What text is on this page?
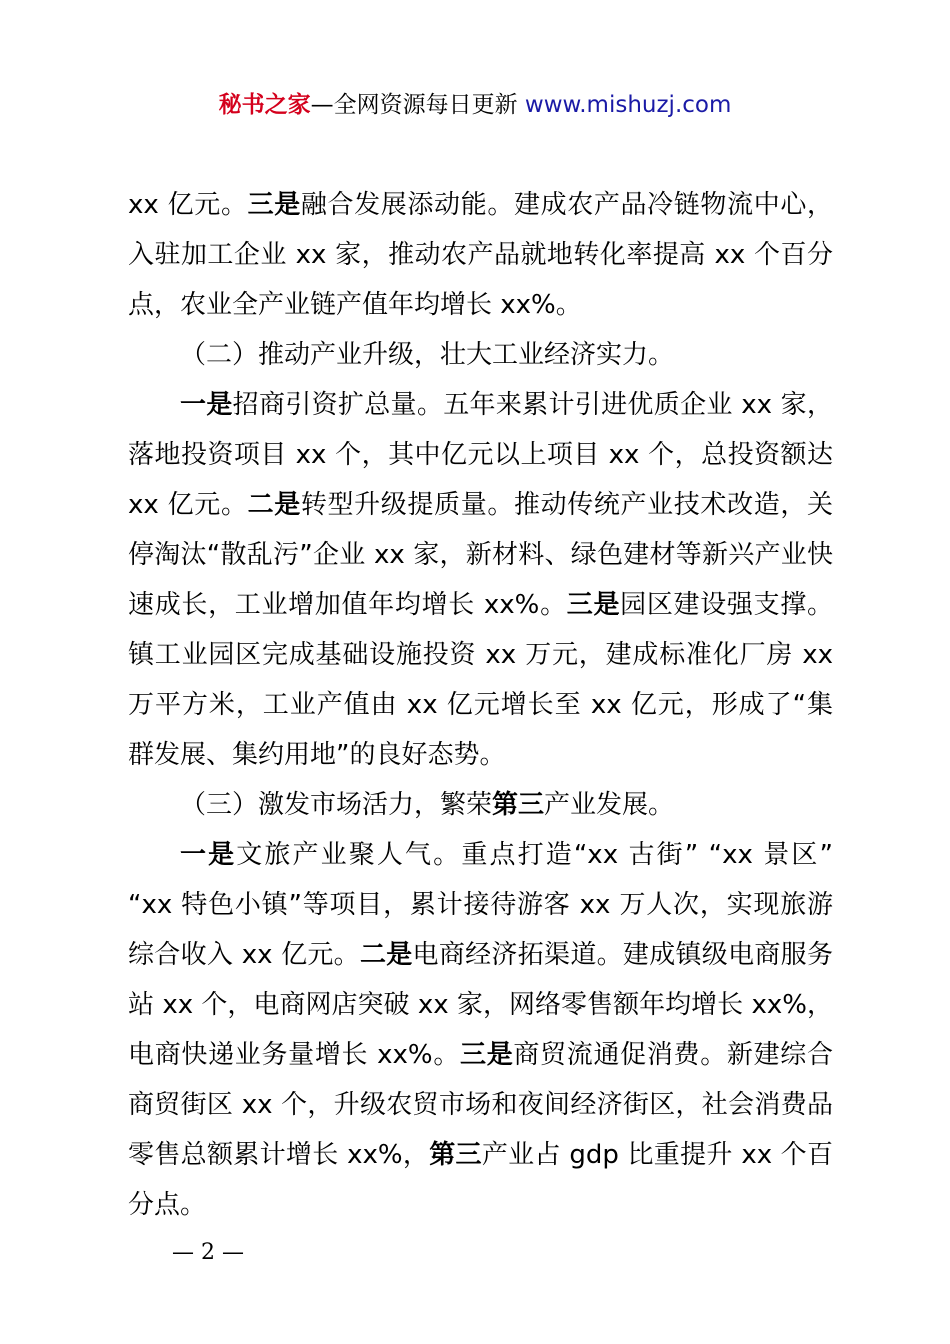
秘书之家—全网资源每日更新 www.mishuzj.com

xx 亿元。三是融合发展添动能。建成农产品冷链物流中心，入驻加工企业 xx 家，推动农产品就地转化率提高 xx 个百分点，农业全产业链产值年均增长 xx%。

（二）推动产业升级，壮大工业经济实力。

一是招商引资扩总量。五年来累计引进优质企业 xx 家，落地投资项目 xx 个，其中亿元以上项目 xx 个，总投资额达 xx 亿元。二是转型升级提质量。推动传统产业技术改造，关停淘汰“散乱污”企业 xx 家，新材料、绿色建材等新兴产业快速成长，工业增加值年均增长 xx%。三是园区建设强支撑。镇工业园区完成基础设施投资 xx 万元，建成标准化厂房 xx 万平方米，工业产值由 xx 亿元增长至 xx 亿元，形成了“集群发展、集约用地”的良好态势。

（三）激发市场活力，繁荣第三产业发展。

一是文旅产业聚人气。重点打造“xx 古街” “xx 景区” “xx 特色小镇”等项目，累计接待游客 xx 万人次，实现旅游综合收入 xx 亿元。二是电商经济拓渠道。建成镇级电商服务站 xx 个，电商网店突破 xx 家，网络零售额年均增长 xx%，电商快递业务量增长 xx%。三是商贸流通促消费。新建综合商贸街区 xx 个，升级农贸市场和夜间经济街区，社会消费品零售总额累计增长 xx%，第三产业占 gdp 比重提升 xx 个百分点。

— 2 —
